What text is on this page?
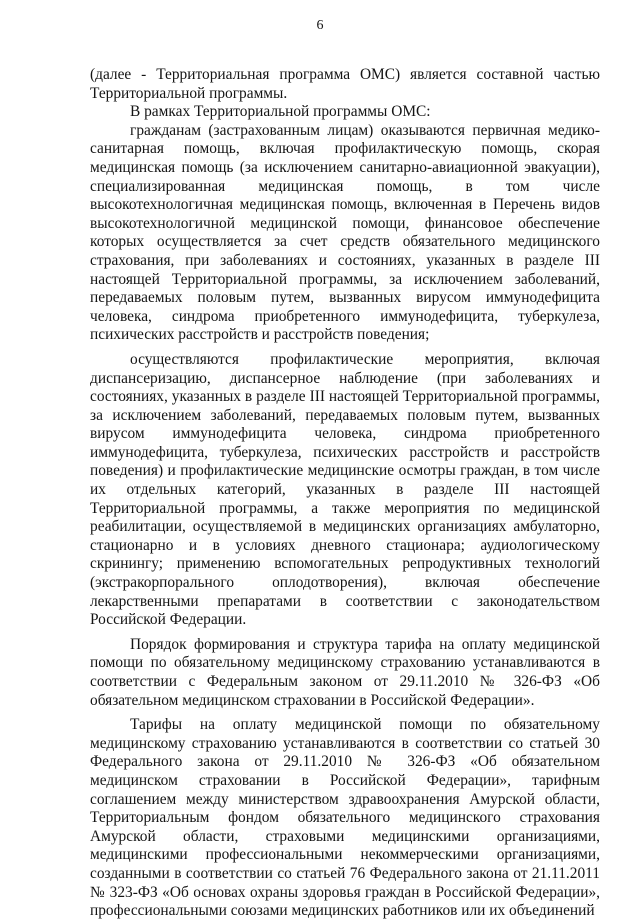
6

(далее - Территориальная программа ОМС) является составной частью Территориальной программы.

В рамках Территориальной программы ОМС:

гражданам (застрахованным лицам) оказываются первичная медико-санитарная помощь, включая профилактическую помощь, скорая медицинская помощь (за исключением санитарно-авиационной эвакуации), специализированная медицинская помощь, в том числе высокотехнологичная медицинская помощь, включенная в Перечень видов высокотехнологичной медицинской помощи, финансовое обеспечение которых осуществляется за счет средств обязательного медицинского страхования, при заболеваниях и состояниях, указанных в разделе III настоящей Территориальной программы, за исключением заболеваний, передаваемых половым путем, вызванных вирусом иммунодефицита человека, синдрома приобретенного иммунодефицита, туберкулеза, психических расстройств и расстройств поведения;

осуществляются профилактические мероприятия, включая диспансеризацию, диспансерное наблюдение (при заболеваниях и состояниях, указанных в разделе III настоящей Территориальной программы, за исключением заболеваний, передаваемых половым путем, вызванных вирусом иммунодефицита человека, синдрома приобретенного иммунодефицита, туберкулеза, психических расстройств и расстройств поведения) и профилактические медицинские осмотры граждан, в том числе их отдельных категорий, указанных в разделе III настоящей Территориальной программы, а также мероприятия по медицинской реабилитации, осуществляемой в медицинских организациях амбулаторно, стационарно и в условиях дневного стационара; аудиологическому скринингу; применению вспомогательных репродуктивных технологий (экстракорпорального оплодотворения), включая обеспечение лекарственными препаратами в соответствии с законодательством Российской Федерации.

Порядок формирования и структура тарифа на оплату медицинской помощи по обязательному медицинскому страхованию устанавливаются в соответствии с Федеральным законом от 29.11.2010 № 326-ФЗ «Об обязательном медицинском страховании в Российской Федерации».

Тарифы на оплату медицинской помощи по обязательному медицинскому страхованию устанавливаются в соответствии со статьей 30 Федерального закона от 29.11.2010 № 326-ФЗ «Об обязательном медицинском страховании в Российской Федерации», тарифным соглашением между министерством здравоохранения Амурской области, Территориальным фондом обязательного медицинского страхования Амурской области, страховыми медицинскими организациями, медицинскими профессиональными некоммерческими организациями, созданными в соответствии со статьей 76 Федерального закона от 21.11.2011 № 323-ФЗ «Об основах охраны здоровья граждан в Российской Федерации», профессиональными союзами медицинских работников или их объединений
